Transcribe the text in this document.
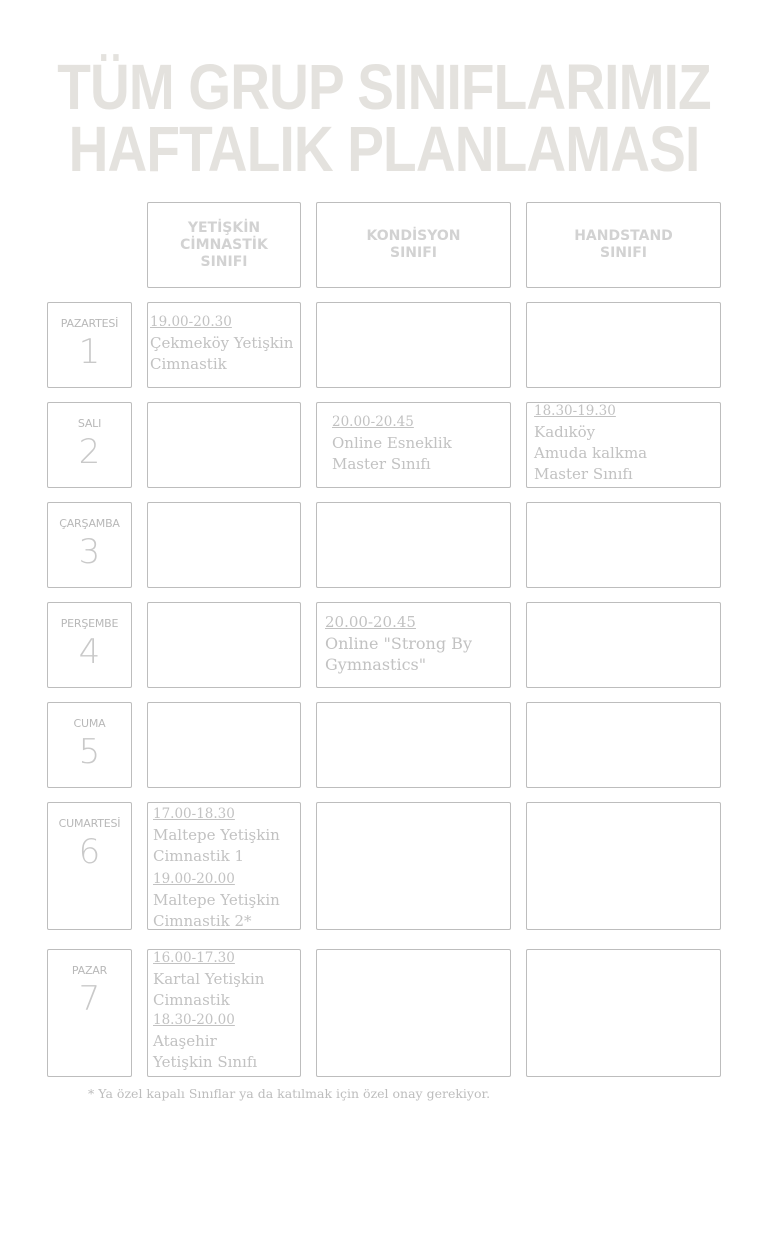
TÜM GRUP SINIFLARIMIZ
HAFTALIK PLANLAMASI
YETİŞKİN
CİMNASTİK
SINIFI
KONDİSYON
SINIFI
HANDSTAND
SINIFI
PAZARTESİ
1
19.00-20.30
Çekmeköy Yetişkin
Cimnastik
SALI
2
20.00-20.45
Online Esneklik
Master Sınıfı
18.30-19.30
Kadıköy
Amuda kalkma
Master Sınıfı
ÇARŞAMBA
3
PERŞEMBE
4
20.00-20.45
Online "Strong By
Gymnastics"
CUMA
5
CUMARTESİ
6
17.00-18.30
Maltepe Yetişkin
Cimnastik 1
19.00-20.00
Maltepe Yetişkin
Cimnastik 2*
PAZAR
7
16.00-17.30
Kartal Yetişkin
Cimnastik
18.30-20.00
Ataşehir
Yetişkin Sınıfı
* Ya özel kapalı Sınıflar ya da katılmak için özel onay gerekiyor.
